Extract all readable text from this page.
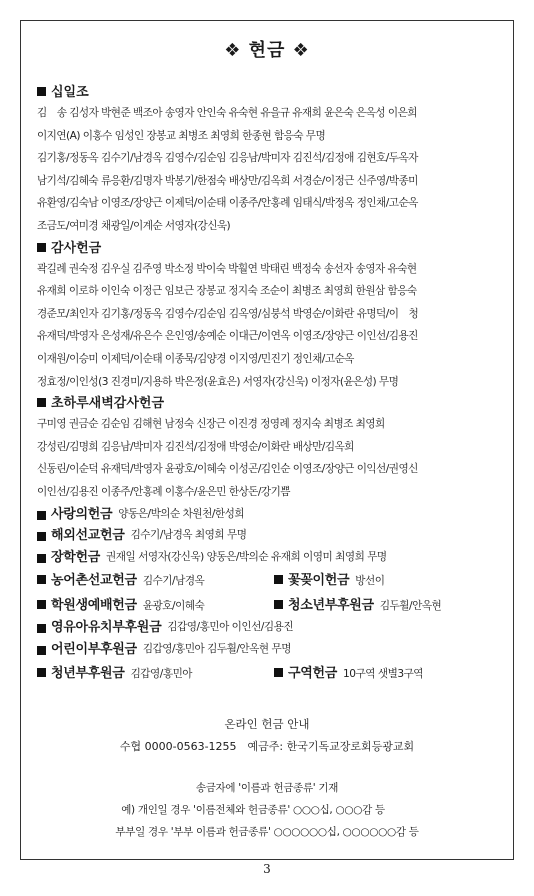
❖ 현금 ❖
십일조
김　송 김성자 박현준 백조아 송영자 안인숙 유숙현 유을규 유재희 윤은숙 은옥성 이은희
이지연(A) 이홍수 임성인 장봉교 최병조 최영희 한종현 함응숙 무명
김기홍/정동옥 김수기/남경옥 김영수/김순임 김응남/박미자 김진석/김정애 김현호/두옥자
남기석/김혜숙 류응환/김명자 박봉기/한점숙 배상만/김옥희 서경순/이정근 신주영/박종미
유환영/김숙남 이영조/장양근 이제덕/이순태 이종주/안홍례 임태식/박정옥 정인채/고순옥
조금도/여미경 채광일/이계순 서영자(강신욱)
감사헌금
곽길례 권숙정 김우실 김주영 박소정 박이숙 박훨연 박태린 백정숙 송선자 송영자 유숙현
유재희 이로하 이인숙 이정근 임보근 장봉교 정지숙 조순이 최병조 최영희 한원삼 함응숙
경준모/최인자 김기홍/정동옥 김영수/김순임 김옥영/심붕석 박영순/이화란 유명덕/이　청
유재덕/박영자 은성재/유은수 은인영/송예순 이대근/이연옥 이영조/장양근 이인선/김용진
이재원/이승미 이제덕/이순태 이종묵/김양경 이지영/민진기 정인채/고순옥
정효정/이인성(3 진경미/지용하 박은정(윤효은) 서영자(강신욱) 이정자(윤은성) 무명
초하루새벽감사헌금
구미영 권금순 김순임 김해현 남정숙 신장근 이진경 정영례 정지숙 최병조 최영희
강성린/김명희 김응남/박미자 김진석/김정애 박영순/이화란 배상만/김옥희
신동린/이순덕 유재덕/박영자 윤광호/이혜숙 이성곤/김인순 이영조/장양근 이익선/권영신
이인선/김용진 이종주/안홍례 이홍수/윤은민 한상돈/강기쁨
사랑의헌금 양동은/박의순 차원천/한성희
해외선교헌금 김수기/남경옥 최영희 무명
장학헌금 권재일 서영자(강신욱) 양동은/박의순 유재희 이영미 최영희 무명
농어촌선교헌금 김수기/남경옥	꽃꽂이헌금 방선이
학원생예배헌금 윤광호/이혜숙	청소년부후원금 김두휠/안옥현
영유아유치부후원금 김갑영/홍민아 이인선/김용진
어린이부후원금 김갑영/홍민아 김두휠/안옥현 무명
청년부후원금 김갑영/홍민아	구역헌금 10구역 샛별3구역
온라인 헌금 안내
수협 0000-0563-1255　예금주: 한국기독교장로회등광교회
송금자에 '이름과 헌금종류' 기재
예) 개인일 경우 '이름전체와 헌금종류' ○○○십, ○○○감 등
부부일 경우 '부부 이름과 헌금종류' ○○○○○○십, ○○○○○○감 등
3
